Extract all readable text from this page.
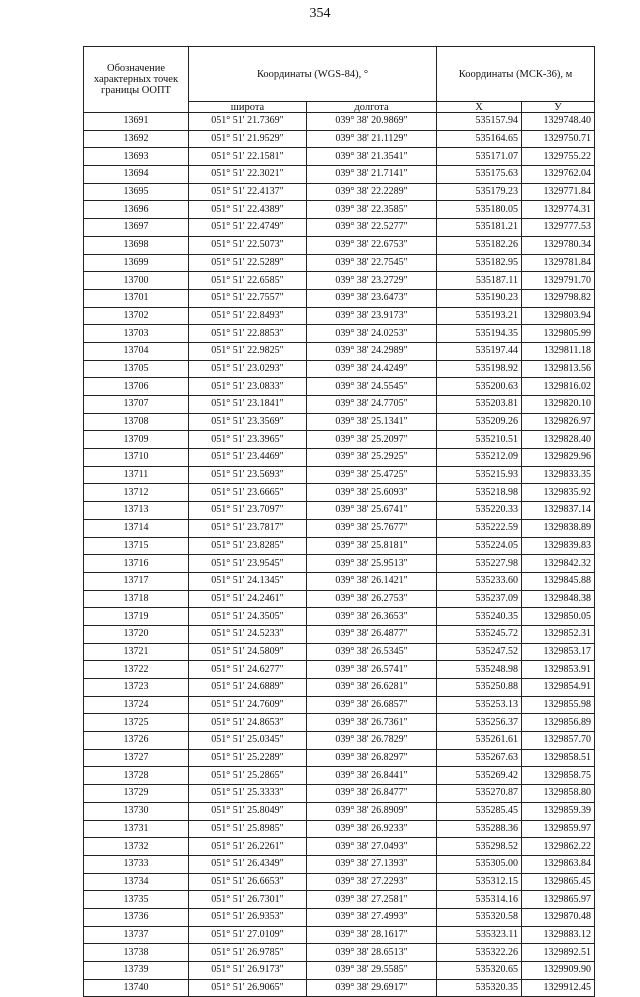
354
Обозначение характерных точек границы ООПТ	Координаты (WGS-84), °		Координаты (МСК-36), м	
	широта	долгота	X	У
13691	051° 51' 21.7369"	039° 38' 20.9869"	535157.94	1329748.40
13692	051° 51' 21.9529"	039° 38' 21.1129"	535164.65	1329750.71
13693	051° 51' 22.1581"	039° 38' 21.3541"	535171.07	1329755.22
13694	051° 51' 22.3021"	039° 38' 21.7141"	535175.63	1329762.04
13695	051° 51' 22.4137"	039° 38' 22.2289"	535179.23	1329771.84
13696	051° 51' 22.4389"	039° 38' 22.3585"	535180.05	1329774.31
13697	051° 51' 22.4749"	039° 38' 22.5277"	535181.21	1329777.53
13698	051° 51' 22.5073"	039° 38' 22.6753"	535182.26	1329780.34
13699	051° 51' 22.5289"	039° 38' 22.7545"	535182.95	1329781.84
13700	051° 51' 22.6585"	039° 38' 23.2729"	535187.11	1329791.70
13701	051° 51' 22.7557"	039° 38' 23.6473"	535190.23	1329798.82
13702	051° 51' 22.8493"	039° 38' 23.9173"	535193.21	1329803.94
13703	051° 51' 22.8853"	039° 38' 24.0253"	535194.35	1329805.99
13704	051° 51' 22.9825"	039° 38' 24.2989"	535197.44	1329811.18
13705	051° 51' 23.0293"	039° 38' 24.4249"	535198.92	1329813.56
13706	051° 51' 23.0833"	039° 38' 24.5545"	535200.63	1329816.02
13707	051° 51' 23.1841"	039° 38' 24.7705"	535203.81	1329820.10
13708	051° 51' 23.3569"	039° 38' 25.1341"	535209.26	1329826.97
13709	051° 51' 23.3965"	039° 38' 25.2097"	535210.51	1329828.40
13710	051° 51' 23.4469"	039° 38' 25.2925"	535212.09	1329829.96
13711	051° 51' 23.5693"	039° 38' 25.4725"	535215.93	1329833.35
13712	051° 51' 23.6665"	039° 38' 25.6093"	535218.98	1329835.92
13713	051° 51' 23.7097"	039° 38' 25.6741"	535220.33	1329837.14
13714	051° 51' 23.7817"	039° 38' 25.7677"	535222.59	1329838.89
13715	051° 51' 23.8285"	039° 38' 25.8181"	535224.05	1329839.83
13716	051° 51' 23.9545"	039° 38' 25.9513"	535227.98	1329842.32
13717	051° 51' 24.1345"	039° 38' 26.1421"	535233.60	1329845.88
13718	051° 51' 24.2461"	039° 38' 26.2753"	535237.09	1329848.38
13719	051° 51' 24.3505"	039° 38' 26.3653"	535240.35	1329850.05
13720	051° 51' 24.5233"	039° 38' 26.4877"	535245.72	1329852.31
13721	051° 51' 24.5809"	039° 38' 26.5345"	535247.52	1329853.17
13722	051° 51' 24.6277"	039° 38' 26.5741"	535248.98	1329853.91
13723	051° 51' 24.6889"	039° 38' 26.6281"	535250.88	1329854.91
13724	051° 51' 24.7609"	039° 38' 26.6857"	535253.13	1329855.98
13725	051° 51' 24.8653"	039° 38' 26.7361"	535256.37	1329856.89
13726	051° 51' 25.0345"	039° 38' 26.7829"	535261.61	1329857.70
13727	051° 51' 25.2289"	039° 38' 26.8297"	535267.63	1329858.51
13728	051° 51' 25.2865"	039° 38' 26.8441"	535269.42	1329858.75
13729	051° 51' 25.3333"	039° 38' 26.8477"	535270.87	1329858.80
13730	051° 51' 25.8049"	039° 38' 26.8909"	535285.45	1329859.39
13731	051° 51' 25.8985"	039° 38' 26.9233"	535288.36	1329859.97
13732	051° 51' 26.2261"	039° 38' 27.0493"	535298.52	1329862.22
13733	051° 51' 26.4349"	039° 38' 27.1393"	535305.00	1329863.84
13734	051° 51' 26.6653"	039° 38' 27.2293"	535312.15	1329865.45
13735	051° 51' 26.7301"	039° 38' 27.2581"	535314.16	1329865.97
13736	051° 51' 26.9353"	039° 38' 27.4993"	535320.58	1329870.48
13737	051° 51' 27.0109"	039° 38' 28.1617"	535323.11	1329883.12
13738	051° 51' 26.9785"	039° 38' 28.6513"	535322.26	1329892.51
13739	051° 51' 26.9173"	039° 38' 29.5585"	535320.65	1329909.90
13740	051° 51' 26.9065"	039° 38' 29.6917"	535320.35	1329912.45
